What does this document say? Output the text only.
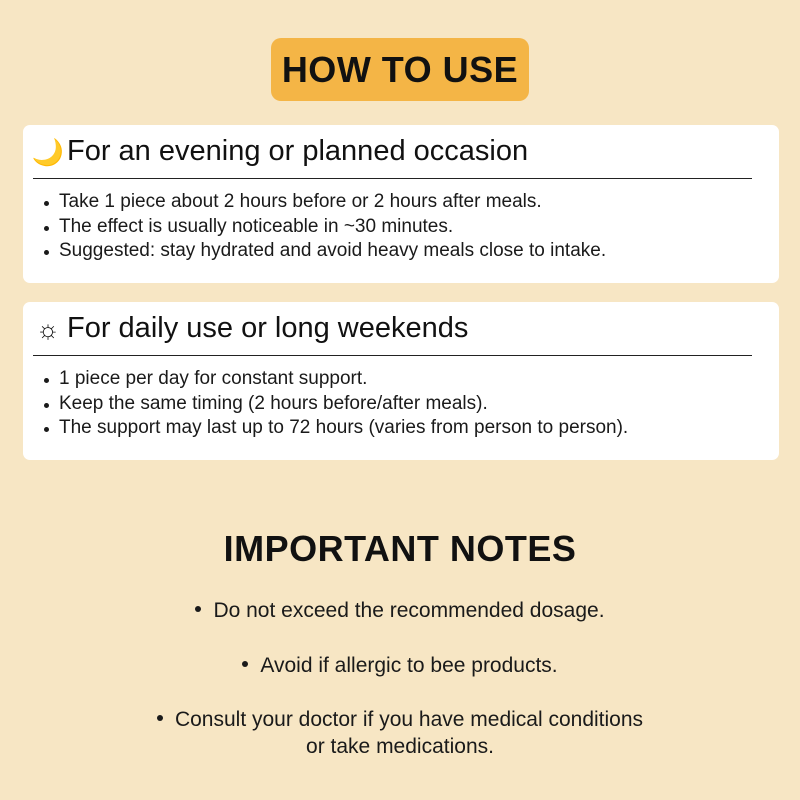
HOW TO USE
🌙 For an evening or planned occasion
Take 1 piece about 2 hours before or 2 hours after meals.
The effect is usually noticeable in ~30 minutes.
Suggested: stay hydrated and avoid heavy meals close to intake.
☼ For daily use or long weekends
1 piece per day for constant support.
Keep the same timing (2 hours before/after meals).
The support may last up to 72 hours (varies from person to person).
IMPORTANT NOTES
Do not exceed the recommended dosage.
Avoid if allergic to bee products.
Consult your doctor if you have medical conditions
or take medications.
